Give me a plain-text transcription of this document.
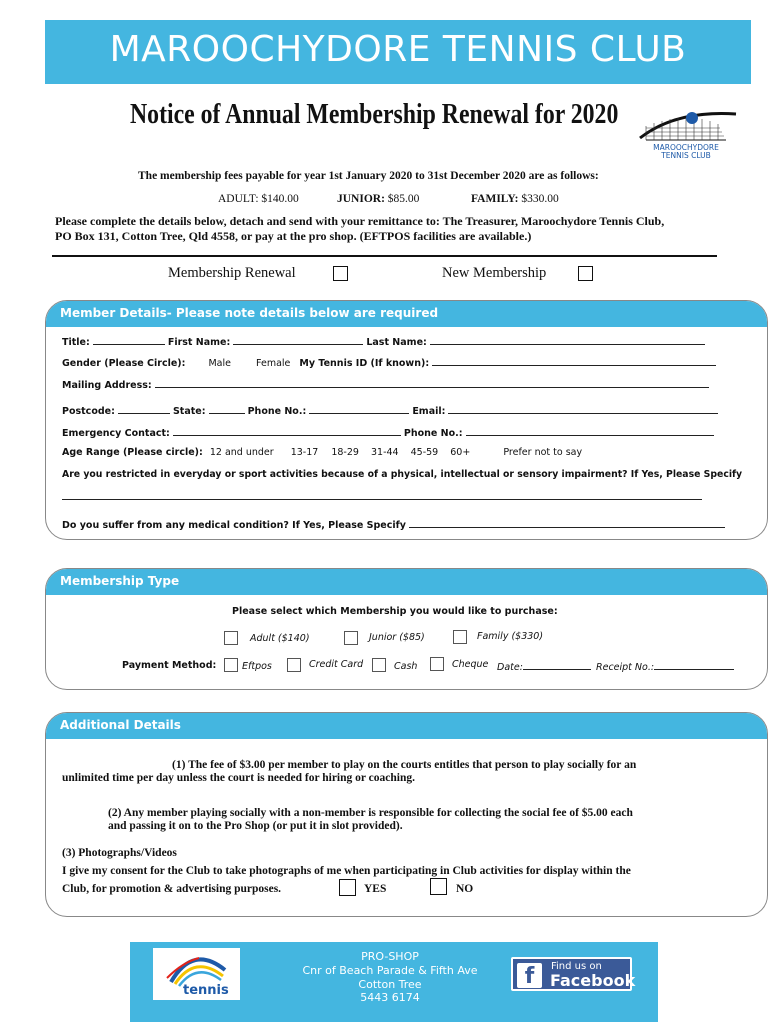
MAROOCHYDORE TENNIS CLUB
Notice of Annual Membership Renewal for 2020
MAROOCHYDORE
TENNIS CLUB
The membership fees payable for year 1st January 2020 to 31st December 2020 are as follows:
ADULT: $140.00	JUNIOR: $85.00	FAMILY: $330.00
Please complete the details below, detach and send with your remittance to: The Treasurer, Maroochydore Tennis Club,
PO Box 131, Cotton Tree, Qld 4558, or pay at the pro shop. (EFTPOS facilities are available.)
Membership Renewal	New Membership
Member Details- Please note details below are required
Title:	First Name:	Last Name:
Gender (Please Circle): Male	Female My Tennis ID (If known):
Mailing Address:
Postcode:	State:	Phone No.:	Email:
Emergency Contact:	Phone No.:
Age Range (Please circle): 12 and under 13-17 18-29 31-44 45-59 60+	Prefer not to say
Are you restricted in everyday or sport activities because of a physical, intellectual or sensory impairment? If Yes, Please Specify
Do you suffer from any medical condition? If Yes, Please Specify
Membership Type
Please select which Membership you would like to purchase:
Adult ($140)	Junior ($85)	Family ($330)
Payment Method:	Eftpos	Credit Card	Cash	Cheque Date:	Receipt No.:
Additional Details
(1) The fee of $3.00 per member to play on the courts entitles that person to play socially for an
unlimited time per day unless the court is needed for hiring or coaching.
(2) Any member playing socially with a non-member is responsible for collecting the social fee of $5.00 each
and passing it on to the Pro Shop (or put it in slot provided).
(3) Photographs/Videos
I give my consent for the Club to take photographs of me when participating in Club activities for display within the
Club, for promotion & advertising purposes.	YES	NO
tennis
PRO-SHOP
Cnr of Beach Parade & Fifth Ave
Cotton Tree
5443 6174
f	Find us on
Facebook
